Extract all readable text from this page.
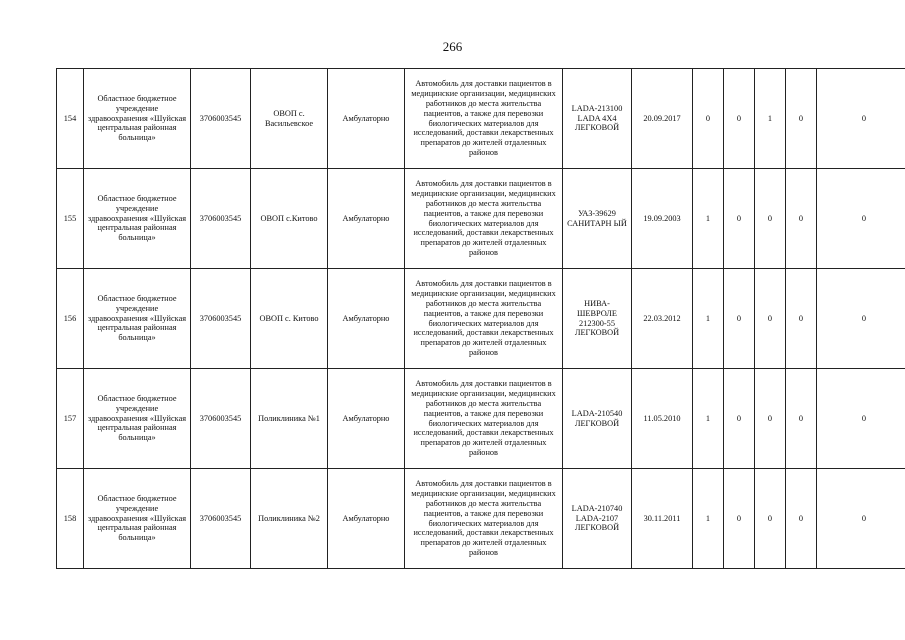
266
154	Областное бюджетное учреждение здравоохранения «Шуйская центральная районная больница»	3706003545	ОВОП с. Васильевское	Амбулаторно	Автомобиль для доставки пациентов в медицинские организации, медицинских работников до места жительства пациентов, а также для перевозки биологических материалов для исследований, доставки лекарственных препаратов до жителей отдаленных районов	LADA-213100 LADA 4X4 ЛЕГКОВОЙ	20.09.2017	0	0	1	0	0
155	Областное бюджетное учреждение здравоохранения «Шуйская центральная районная больница»	3706003545	ОВОП с.Китово	Амбулаторно	Автомобиль для доставки пациентов в медицинские организации, медицинских работников до места жительства пациентов, а также для перевозки биологических материалов для исследований, доставки лекарственных препаратов до жителей отдаленных районов	УАЗ-39629 САНИТАРН ЫЙ	19.09.2003	1	0	0	0	0
156	Областное бюджетное учреждение здравоохранения «Шуйская центральная районная больница»	3706003545	ОВОП с. Китово	Амбулаторно	Автомобиль для доставки пациентов в медицинские организации, медицинских работников до места жительства пациентов, а также для перевозки биологических материалов для исследований, доставки лекарственных препаратов до жителей отдаленных районов	НИВА-ШЕВРОЛЕ 212300-55 ЛЕГКОВОЙ	22.03.2012	1	0	0	0	0
157	Областное бюджетное учреждение здравоохранения «Шуйская центральная районная больница»	3706003545	Поликлиника №1	Амбулаторно	Автомобиль для доставки пациентов в медицинские организации, медицинских работников до места жительства пациентов, а также для перевозки биологических материалов для исследований, доставки лекарственных препаратов до жителей отдаленных районов	LADA-210540 ЛЕГКОВОЙ	11.05.2010	1	0	0	0	0
158	Областное бюджетное учреждение здравоохранения «Шуйская центральная районная больница»	3706003545	Поликлиника №2	Амбулаторно	Автомобиль для доставки пациентов в медицинские организации, медицинских работников до места жительства пациентов, а также для перевозки биологических материалов для исследований, доставки лекарственных препаратов до жителей отдаленных районов	LADA-210740 LADA-2107 ЛЕГКОВОЙ	30.11.2011	1	0	0	0	0
